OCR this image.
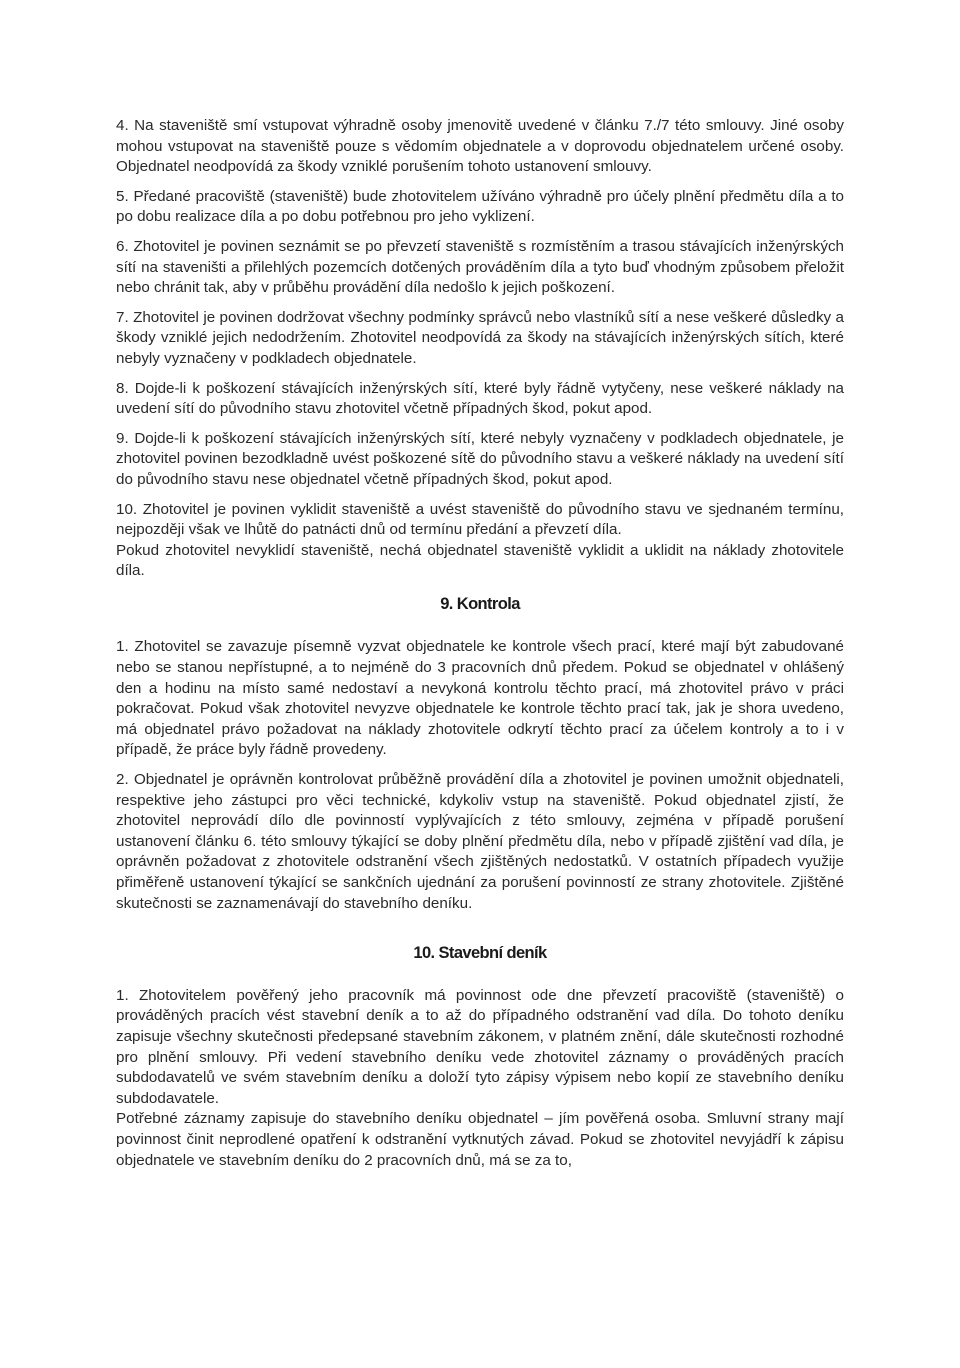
4. Na staveniště smí vstupovat výhradně osoby jmenovitě uvedené v článku 7./7 této smlouvy. Jiné osoby mohou vstupovat na staveniště pouze s vědomím objednatele a v doprovodu objednatelem určené osoby. Objednatel neodpovídá za škody vzniklé porušením tohoto ustanovení smlouvy.

5. Předané pracoviště (staveniště) bude zhotovitelem užíváno výhradně pro účely plnění předmětu díla a to po dobu realizace díla a po dobu potřebnou pro jeho vyklizení.

6. Zhotovitel je povinen seznámit se po převzetí staveniště s rozmístěním a trasou stávajících inženýrských sítí na staveništi a přilehlých pozemcích dotčených prováděním díla a tyto buď vhodným způsobem přeložit nebo chránit tak, aby v průběhu provádění díla nedošlo k jejich poškození.

7. Zhotovitel je povinen dodržovat všechny podmínky správců nebo vlastníků sítí a nese veškeré důsledky a škody vzniklé jejich nedodržením. Zhotovitel neodpovídá za škody na stávajících inženýrských sítích, které nebyly vyznačeny v podkladech objednatele.

8. Dojde-li k poškození stávajících inženýrských sítí, které byly řádně vytyčeny, nese veškeré náklady na uvedení sítí do původního stavu zhotovitel včetně případných škod, pokut apod.

9. Dojde-li k poškození stávajících inženýrských sítí, které nebyly vyznačeny v podkladech objednatele, je zhotovitel povinen bezodkladně uvést poškozené sítě do původního stavu a veškeré náklady na uvedení sítí do původního stavu nese objednatel včetně případných škod, pokut apod.

10. Zhotovitel je povinen vyklidit staveniště a uvést staveniště do původního stavu ve sjednaném termínu, nejpozději však ve lhůtě do patnácti dnů od termínu předání a převzetí díla.

Pokud zhotovitel nevyklidí staveniště, nechá objednatel staveniště vyklidit a uklidit na náklady zhotovitele díla.

9. Kontrola

1. Zhotovitel se zavazuje písemně vyzvat objednatele ke kontrole všech prací, které mají být zabudované nebo se stanou nepřístupné, a to nejméně do 3 pracovních dnů předem. Pokud se objednatel v ohlášený den a hodinu na místo samé nedostaví a nevykoná kontrolu těchto prací, má zhotovitel právo v práci pokračovat. Pokud však zhotovitel nevyzve objednatele ke kontrole těchto prací tak, jak je shora uvedeno, má objednatel právo požadovat na náklady zhotovitele odkrytí těchto prací za účelem kontroly a to i v případě, že práce byly řádně provedeny.

2. Objednatel je oprávněn kontrolovat průběžně provádění díla a zhotovitel je povinen umožnit objednateli, respektive jeho zástupci pro věci technické, kdykoliv vstup na staveniště. Pokud objednatel zjistí, že zhotovitel neprovádí dílo dle povinností vyplývajících z této smlouvy, zejména v případě porušení ustanovení článku 6. této smlouvy týkající se doby plnění předmětu díla, nebo v případě zjištění vad díla, je oprávněn požadovat z zhotovitele odstranění všech zjištěných nedostatků. V ostatních případech využije přiměřeně ustanovení týkající se sankčních ujednání za porušení povinností ze strany zhotovitele. Zjištěné skutečnosti se zaznamenávají do stavebního deníku.

10. Stavební deník

1. Zhotovitelem pověřený jeho pracovník má povinnost ode dne převzetí pracoviště (staveniště) o prováděných pracích vést stavební deník a to až do případného odstranění vad díla. Do tohoto deníku zapisuje všechny skutečnosti předepsané stavebním zákonem, v platném znění, dále skutečnosti rozhodné pro plnění smlouvy. Při vedení stavebního deníku vede zhotovitel záznamy o prováděných pracích subdodavatelů ve svém stavebním deníku a doloží tyto zápisy výpisem nebo kopií ze stavebního deníku subdodavatele.

Potřebné záznamy zapisuje do stavebního deníku objednatel – jím pověřená osoba. Smluvní strany mají povinnost činit neprodlené opatření k odstranění vytknutých závad. Pokud se zhotovitel nevyjádří k zápisu objednatele ve stavebním deníku do 2 pracovních dnů, má se za to,
